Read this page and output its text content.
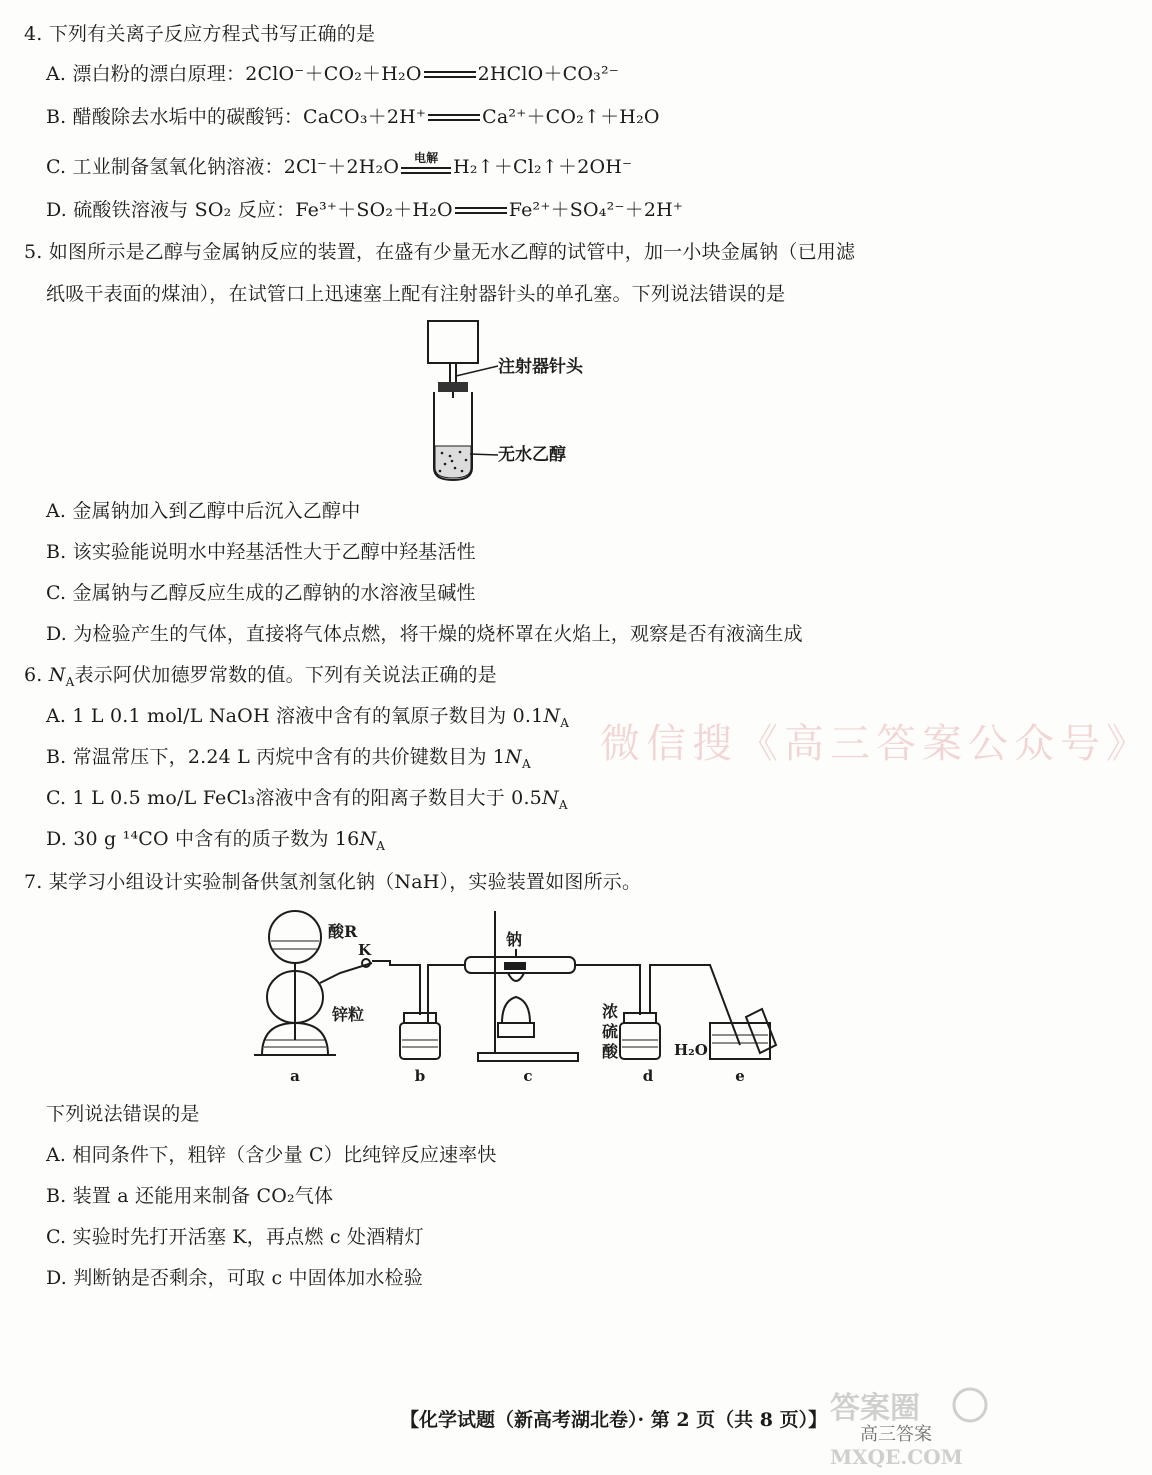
4. 下列有关离子反应方程式书写正确的是
A. 漂白粉的漂白原理：2ClO⁻＋CO₂＋H₂O	2HClO＋CO₃²⁻
B. 醋酸除去水垢中的碳酸钙：CaCO₃＋2H⁺	Ca²⁺＋CO₂↑＋H₂O
C. 工业制备氢氧化钠溶液：2Cl⁻＋2H₂O	电解 H₂↑＋Cl₂↑＋2OH⁻
D. 硫酸铁溶液与 SO₂ 反应：Fe³⁺＋SO₂＋H₂O	Fe²⁺＋SO₄²⁻＋2H⁺
5. 如图所示是乙醇与金属钠反应的装置，在盛有少量无水乙醇的试管中，加一小块金属钠（已用滤
纸吸干表面的煤油），在试管口上迅速塞上配有注射器针头的单孔塞。下列说法错误的是
注射器针头
无水乙醇
A. 金属钠加入到乙醇中后沉入乙醇中
B. 该实验能说明水中羟基活性大于乙醇中羟基活性
C. 金属钠与乙醇反应生成的乙醇钠的水溶液呈碱性
D. 为检验产生的气体，直接将气体点燃，将干燥的烧杯罩在火焰上，观察是否有液滴生成
6. $N_A$表示阿伏加德罗常数的值。下列有关说法正确的是
A. 1 L 0.1 mol/L NaOH 溶液中含有的氧原子数目为 $0.1N_A$
B. 常温常压下，2.24 L 丙烷中含有的共价键数目为 $1N_A$
C. 1 L 0.5 mo/L FeCl₃溶液中含有的阳离子数目大于 $0.5N_A$
D. 30 g ¹⁴CO 中含有的质子数为 $16N_A$
微信搜《高三答案公众号》
7. 某学习小组设计实验制备供氢剂氢化钠（NaH），实验装置如图所示。
酸R
K
锌粒
钠
浓
硫
酸	H₂O
a	b	c	d	e
下列说法错误的是
A. 相同条件下，粗锌（含少量 C）比纯锌反应速率快
B. 装置 a 还能用来制备 CO₂气体
C. 实验时先打开活塞 K，再点燃 c 处酒精灯
D. 判断钠是否剩余，可取 c 中固体加水检验
【化学试题（新高考湖北卷）· 第 2 页（共 8 页）】 答案圈
高三答案
MXQE.COM
